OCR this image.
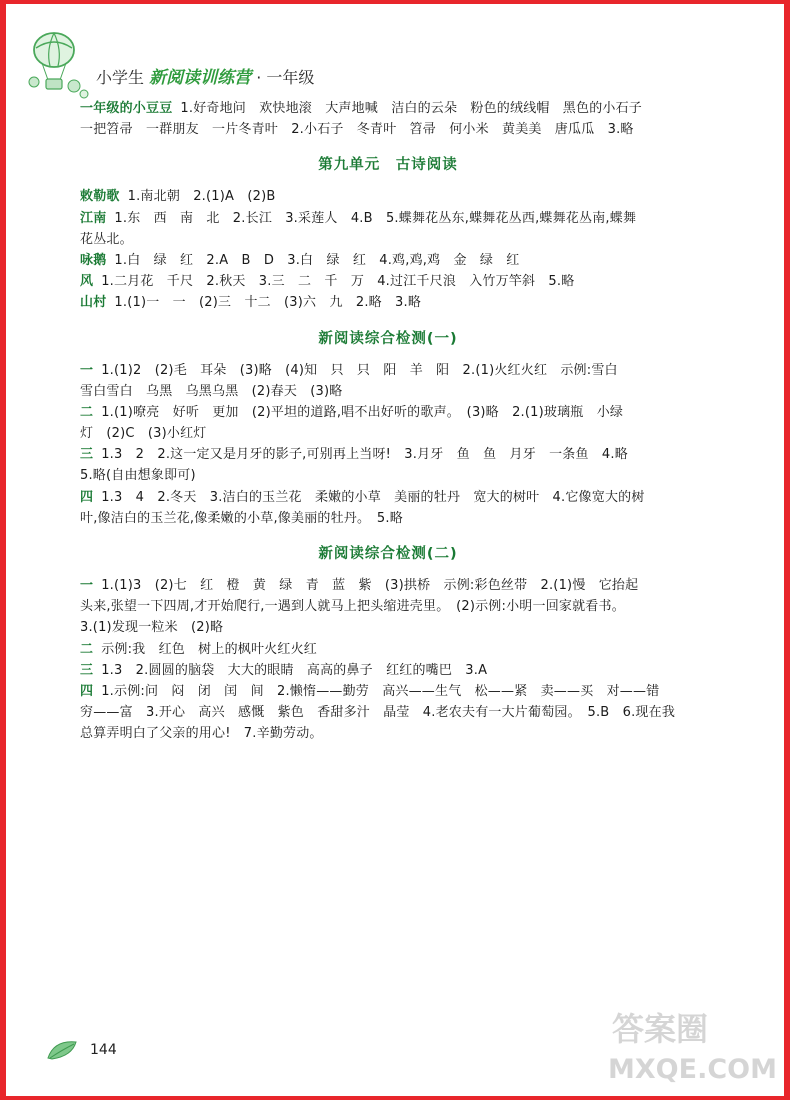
小学生 新阅读训练营 · 一年级
一年级的小豆豆 1.好奇地问　欢快地滚　大声地喊　洁白的云朵　粉色的绒线帽　黑色的小石子
一把笤帚　一群朋友　一片冬青叶　2.小石子　冬青叶　笤帚　何小米　黄美美　唐瓜瓜　3.略
第九单元　古诗阅读
敕勒歌 1.南北朝　2.(1)A　(2)B
江南 1.东　西　南　北　2.长江　3.采莲人　4.B　5.蝶舞花丛东,蝶舞花丛西,蝶舞花丛南,蝶舞
花丛北。
咏鹅 1.白　绿　红　2.A　B　D　3.白　绿　红　4.鸡,鸡,鸡　金　绿　红
风 1.二月花　千尺　2.秋天　3.三　二　千　万　4.过江千尺浪　入竹万竿斜　5.略
山村 1.(1)一　一　(2)三　十二　(3)六　九　2.略　3.略
新阅读综合检测(一)
一 1.(1)2　(2)毛　耳朵　(3)略　(4)知　只　只　阳　羊　阳　2.(1)火红火红　示例:雪白
雪白雪白　乌黑　乌黑乌黑　(2)春天　(3)略
二 1.(1)嘹亮　好听　更加　(2)平坦的道路,唱不出好听的歌声。　(3)略　2.(1)玻璃瓶　小绿
灯　(2)C　(3)小红灯
三 1.3　2　2.这一定又是月牙的影子,可别再上当呀!　3.月牙　鱼　鱼　月牙　一条鱼　4.略
5.略(自由想象即可)
四 1.3　4　2.冬天　3.洁白的玉兰花　柔嫩的小草　美丽的牡丹　宽大的树叶　4.它像宽大的树
叶,像洁白的玉兰花,像柔嫩的小草,像美丽的牡丹。　5.略
新阅读综合检测(二)
一 1.(1)3　(2)七　红　橙　黄　绿　青　蓝　紫　(3)拱桥　示例:彩色丝带　2.(1)慢　它抬起
头来,张望一下四周,才开始爬行,一遇到人就马上把头缩进壳里。　(2)示例:小明一回家就看书。
3.(1)发现一粒米　(2)略
二 示例:我　红色　树上的枫叶火红火红
三 1.3　2.圆圆的脑袋　大大的眼睛　高高的鼻子　红红的嘴巴　3.A
四 1.示例:问　闷　闭　闰　间　2.懒惰——勤劳　高兴——生气　松——紧　卖——买　对——错
穷——富　3.开心　高兴　感慨　紫色　香甜多汁　晶莹　4.老农夫有一大片葡萄园。　5.B　6.现在我
总算弄明白了父亲的用心!　7.辛勤劳动。
144
答案圈
MXQE.COM
